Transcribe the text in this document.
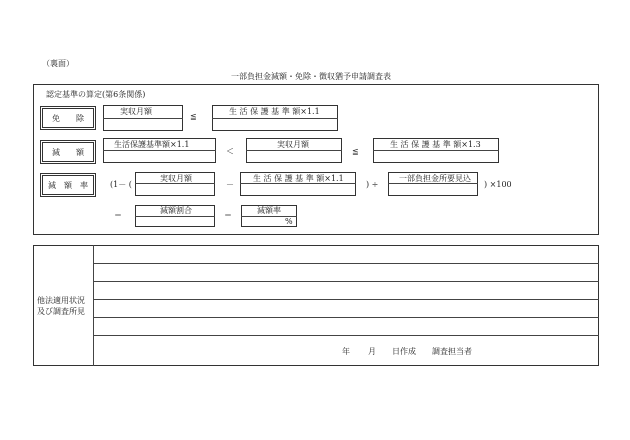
（裏面）
一部負担金減額・免除・徴収猶予申請調査表
認定基準の算定(第6条関係)
免　　除
実収月額
≦
生 活 保 護 基 準 額×1.1
減　　額
生活保護基準額×1.1
＜
実収月額
≦
生 活 保 護 基 準 額×1.3
減　額　率	(1－ (
実収月額
－
生 活 保 護 基 準 額×1.1
) ÷
一部負担金所要見込
) ×100
＝
減額割合
＝
減額率
%
他法適用状況
及び調査所見
年 月 日作成 調査担当者
